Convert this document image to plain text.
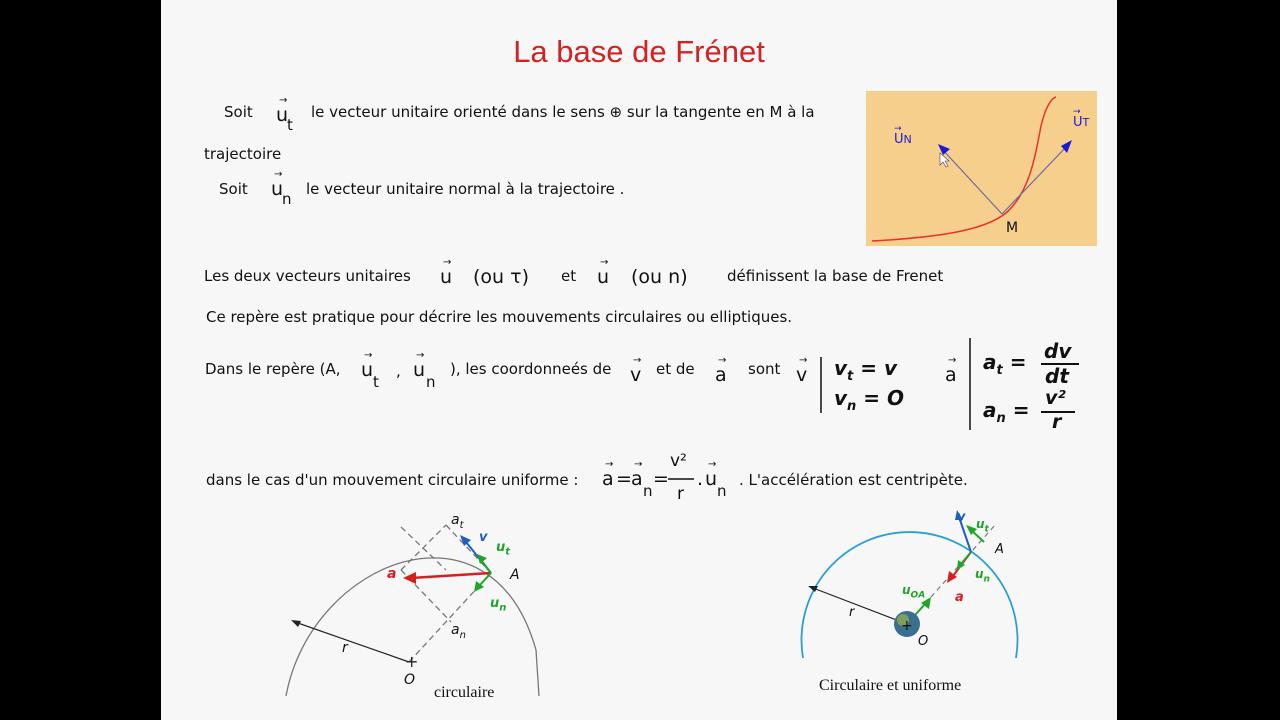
La base de Frénet
Soit u
→
t
le vecteur unitaire orienté dans le sens ⊕ sur la tangente en M à la
trajectoire
Soit u
→
n
le vecteur unitaire normal à la trajectoire .
UN
→	UT
→
M
Les deux vecteurs unitaires u
→
(ou τ) et u
→
(ou n)	définissent la base de Frenet
Ce repère est pratique pour décrire les mouvements circulaires ou elliptiques.
Dans le repère (A, u
→
t
, u
→
n
), les coordonneés de v
→ et de a
→ sont v
→ $v_t = v$
$v_n = O$
a
→ $a_t$ = dv
dt
$a_n = v^2$
r
dans le cas d'un mouvement circulaire uniforme : a
→
= a
→
n
=
v²
r
. u
→
n
. L'accélération est centripète.
+
$a_t$
v
$u_t$
a	A
$u_n$
$a_n$
r
O
circulaire
+
v $u_t$
A
$u_n$
a
$u_{OA}$
r
O
Circulaire et uniforme
